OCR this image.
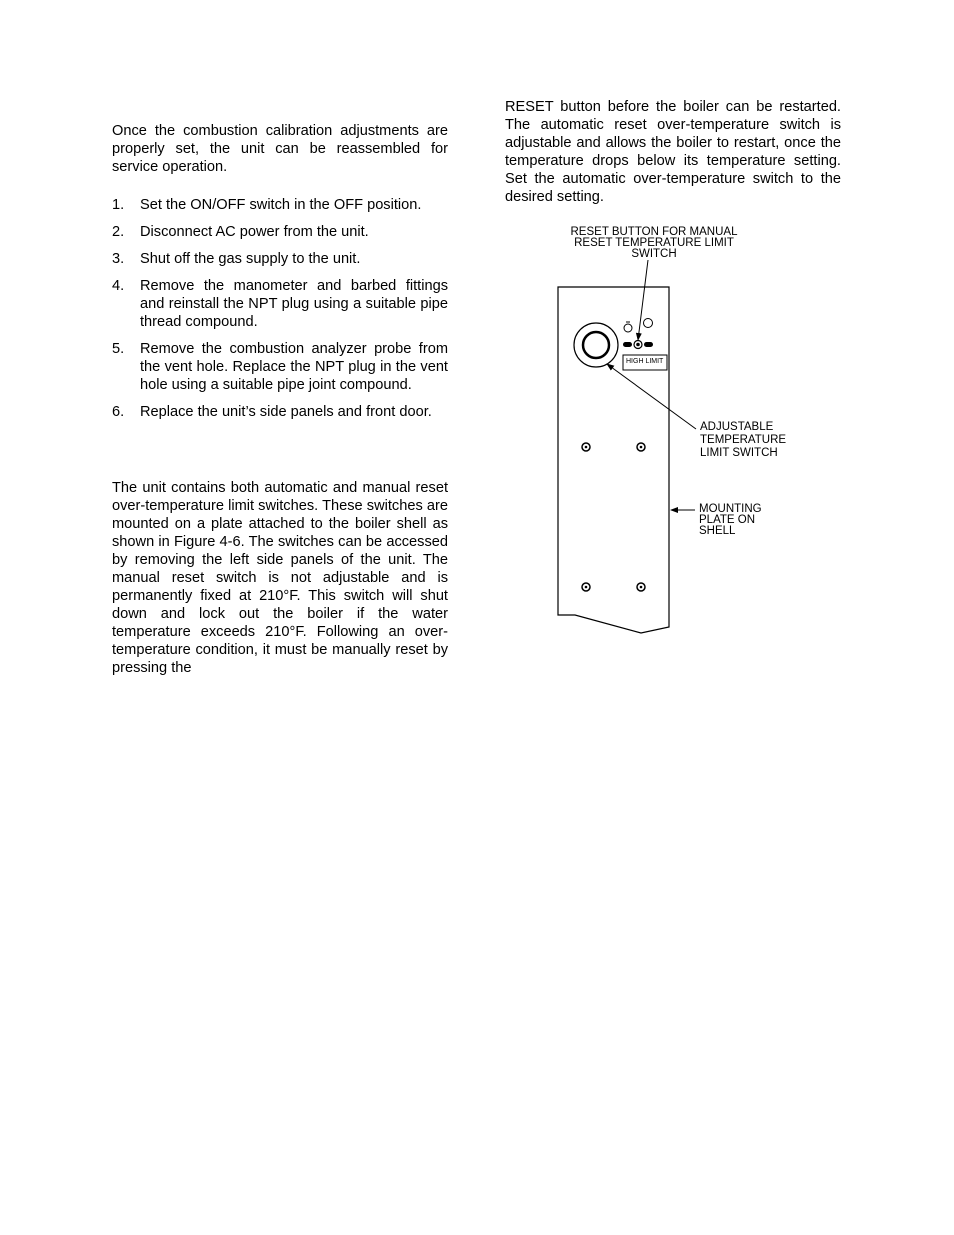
Once the combustion calibration adjustments are properly set, the unit can be reassembled for service operation.

1. Set the ON/OFF switch in the OFF position.
2. Disconnect AC power from the unit.
3. Shut off the gas supply to the unit.
4. Remove the manometer and barbed fittings and reinstall the NPT plug using a suitable pipe thread compound.
5. Remove the combustion analyzer probe from the vent hole. Replace the NPT plug in the vent hole using a suitable pipe joint compound.
6. Replace the unit’s side panels and front door.

The unit contains both automatic and manual reset over-temperature limit switches. These switches are mounted on a plate attached to the boiler shell as shown in Figure 4-6. The switches can be accessed by removing the left side panels of the unit. The manual reset switch is not adjustable and is permanently fixed at 210°F. This switch will shut down and lock out the boiler if the water temperature exceeds 210°F. Following an over-temperature condition, it must be manually reset by pressing the

RESET button before the boiler can be restarted. The automatic reset over-temperature switch is adjustable and allows the boiler to restart, once the temperature drops below its temperature setting. Set the automatic over-temperature switch to the desired setting.

RESET BUTTON FOR MANUAL RESET TEMPERATURE LIMIT SWITCH
ADJUSTABLE TEMPERATURE LIMIT SWITCH
MOUNTING PLATE ON SHELL
HIGH LIMIT
